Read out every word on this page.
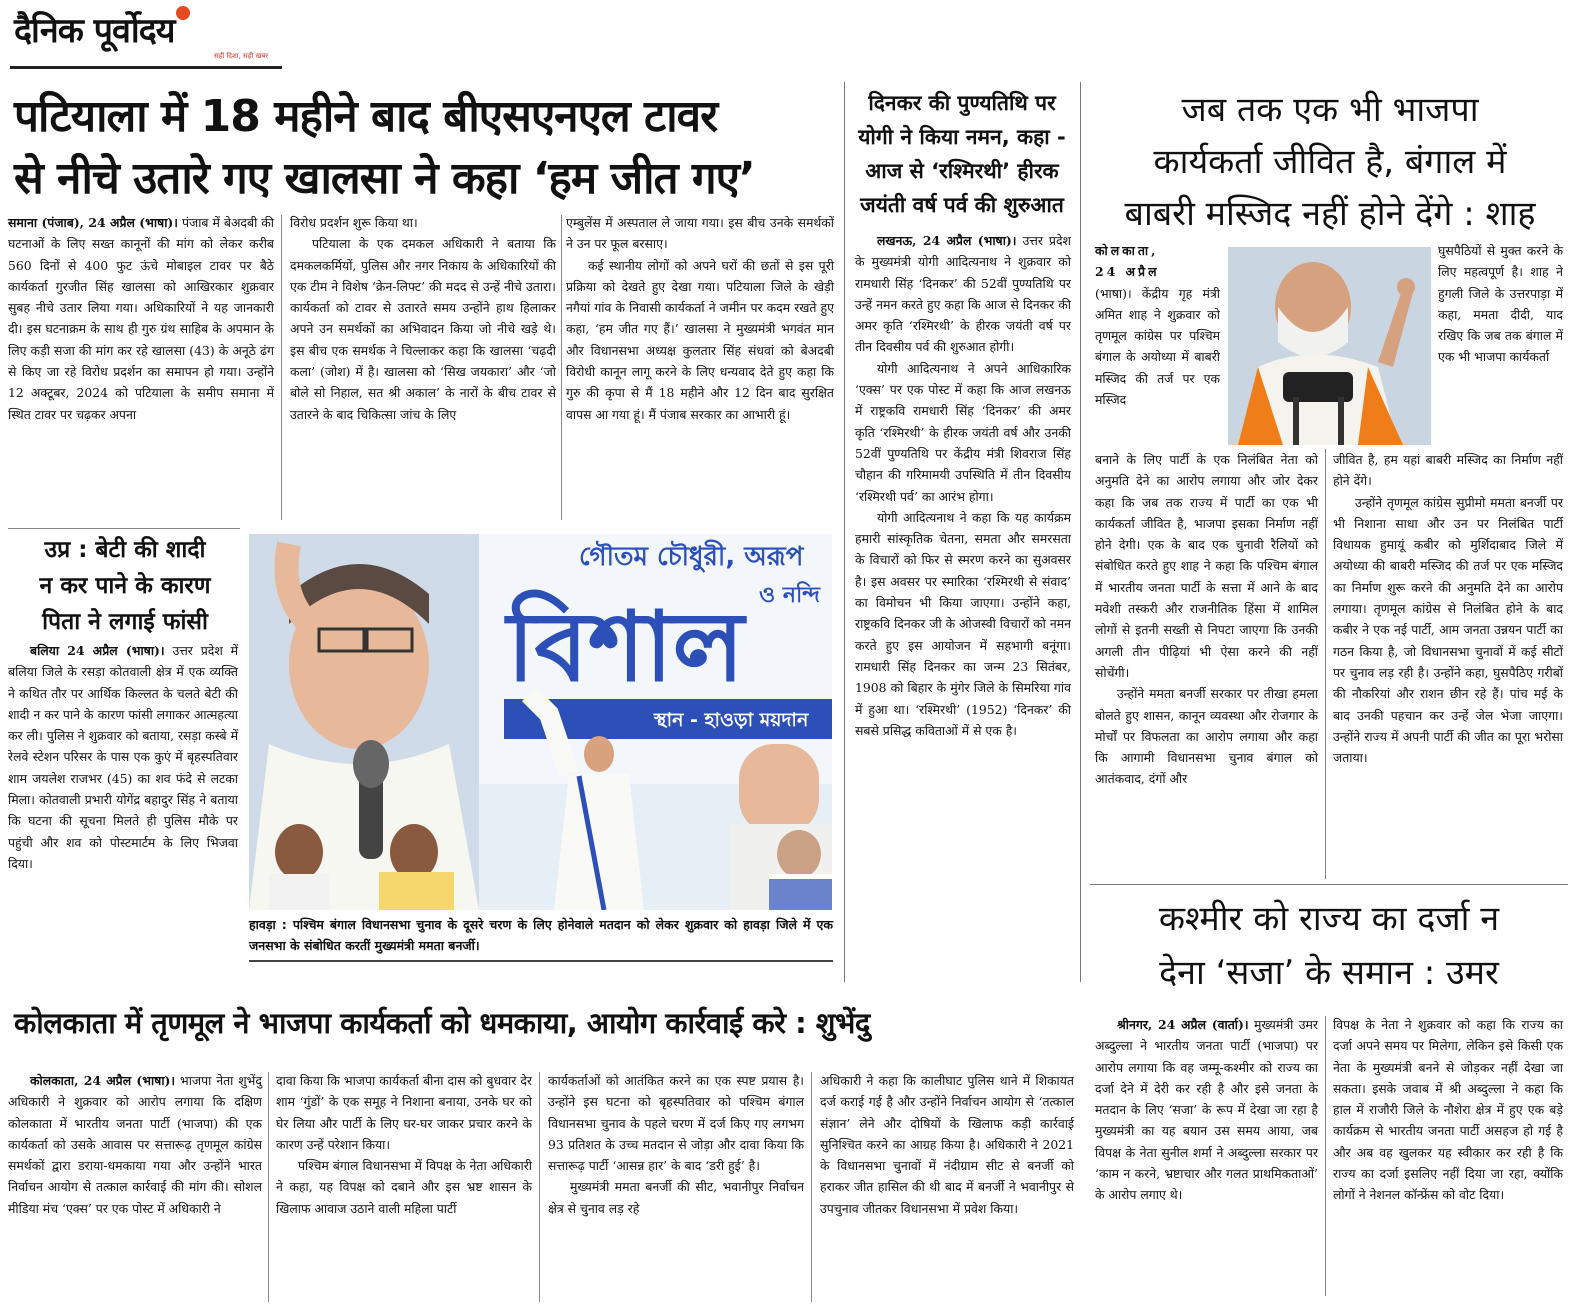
दैनिक पूर्वोदय
सही दिशा, सही खबर
पटियाला में 18 महीने बाद बीएसएनएल टावर
से नीचे उतारे गए खालसा ने कहा ‘हम जीत गए’

समाना (पंजाब), 24 अप्रैल (भाषा)। पंजाब में बेअदबी की घटनाओं के लिए सख्त कानूनों की मांग को लेकर करीब 560 दिनों से 400 फुट ऊंचे मोबाइल टावर पर बैठे कार्यकर्ता गुरजीत सिंह खालसा को आखिरकार शुक्रवार सुबह नीचे उतार लिया गया। अधिकारियों ने यह जानकारी दी। इस घटनाक्रम के साथ ही गुरु ग्रंथ साहिब के अपमान के लिए कड़ी सजा की मांग कर रहे खालसा (43) के अनूठे ढंग से किए जा रहे विरोध प्रदर्शन का समापन हो गया। उन्होंने 12 अक्टूबर, 2024 को पटियाला के समीप समाना में स्थित टावर पर चढ़कर अपना

विरोध प्रदर्शन शुरू किया था।

पटियाला के एक दमकल अधिकारी ने बताया कि दमकलकर्मियों, पुलिस और नगर निकाय के अधिकारियों की एक टीम ने विशेष ‘क्रेन-लिफ्ट’ की मदद से उन्हें नीचे उतारा। कार्यकर्ता को टावर से उतारते समय उन्होंने हाथ हिलाकर अपने उन समर्थकों का अभिवादन किया जो नीचे खड़े थे। इस बीच एक समर्थक ने चिल्लाकर कहा कि खालसा ‘चढ़दी कला’ (जोश) में है। खालसा को ‘सिख जयकारा’ और ‘जो बोले सो निहाल, सत श्री अकाल’ के नारों के बीच टावर से उतारने के बाद चिकित्सा जांच के लिए

एम्बुलेंस में अस्पताल ले जाया गया। इस बीच उनके समर्थकों ने उन पर फूल बरसाए।

कई स्थानीय लोगों को अपने घरों की छतों से इस पूरी प्रक्रिया को देखते हुए देखा गया। पटियाला जिले के खेड़ी नगैयां गांव के निवासी कार्यकर्ता ने जमीन पर कदम रखते हुए कहा, ‘हम जीत गए हैं।’ खालसा ने मुख्यमंत्री भगवंत मान और विधानसभा अध्यक्ष कुलतार सिंह संधवां को बेअदबी विरोधी कानून लागू करने के लिए धन्यवाद देते हुए कहा कि गुरु की कृपा से मैं 18 महीने और 12 दिन बाद सुरक्षित वापस आ गया हूं। मैं पंजाब सरकार का आभारी हूं।

उप्र : बेटी की शादी
न कर पाने के कारण
पिता ने लगाई फांसी

बलिया 24 अप्रैल (भाषा)। उत्तर प्रदेश में बलिया जिले के रसड़ा कोतवाली क्षेत्र में एक व्यक्ति ने कथित तौर पर आर्थिक किल्लत के चलते बेटी की शादी न कर पाने के कारण फांसी लगाकर आत्महत्या कर ली। पुलिस ने शुक्रवार को बताया, रसड़ा कस्बे में रेलवे स्टेशन परिसर के पास एक कुएं में बृहस्पतिवार शाम जयलेश राजभर (45) का शव फंदे से लटका मिला। कोतवाली प्रभारी योगेंद्र बहादुर सिंह ने बताया कि घटना की सूचना मिलते ही पुलिस मौके पर पहुंची और शव को पोस्टमार्टम के लिए भिजवा दिया।

গৌতম চৌধুরী, অরূপ
ও নন্দি
বিশাল
স্থান - হাওড়া ময়দান
हावड़ा : पश्चिम बंगाल विधानसभा चुनाव के दूसरे चरण के लिए होनेवाले मतदान को लेकर शुक्रवार को हावड़ा जिले में एक जनसभा के संबोधित करतीं मुख्यमंत्री ममता बनर्जी।
दिनकर की पुण्यतिथि पर
योगी ने किया नमन, कहा -
आज से ‘रश्मिरथी’ हीरक
जयंती वर्ष पर्व की शुरुआत

लखनऊ, 24 अप्रैल (भाषा)। उत्तर प्रदेश के मुख्यमंत्री योगी आदित्यनाथ ने शुक्रवार को रामधारी सिंह ‘दिनकर’ की 52वीं पुण्यतिथि पर उन्हें नमन करते हुए कहा कि आज से दिनकर की अमर कृति ‘रश्मिरथी’ के हीरक जयंती वर्ष पर तीन दिवसीय पर्व की शुरुआत होगी।

योगी आदित्यनाथ ने अपने आधिकारिक ‘एक्स’ पर एक पोस्ट में कहा कि आज लखनऊ में राष्ट्रकवि रामधारी सिंह ‘दिनकर’ की अमर कृति ‘रश्मिरथी’ के हीरक जयंती वर्ष और उनकी 52वीं पुण्यतिथि पर केंद्रीय मंत्री शिवराज सिंह चौहान की गरिमामयी उपस्थिति में तीन दिवसीय ‘रश्मिरथी पर्व’ का आरंभ होगा।

योगी आदित्यनाथ ने कहा कि यह कार्यक्रम हमारी सांस्कृतिक चेतना, समता और समरसता के विचारों को फिर से स्मरण करने का सुअवसर है। इस अवसर पर स्मारिका ‘रश्मिरथी से संवाद’ का विमोचन भी किया जाएगा। उन्होंने कहा, राष्ट्रकवि दिनकर जी के ओजस्वी विचारों को नमन करते हुए इस आयोजन में सहभागी बनूंगा। रामधारी सिंह दिनकर का जन्म 23 सितंबर, 1908 को बिहार के मुंगेर जिले के सिमरिया गांव में हुआ था। ‘रश्मिरथी’ (1952) ‘दिनकर’ की सबसे प्रसिद्ध कविताओं में से एक है।

जब तक एक भी भाजपा
कार्यकर्ता जीवित है, बंगाल में
बाबरी मस्जिद नहीं होने देंगे : शाह
कोलकाता,
24 अप्रैल

(भाषा)। केंद्रीय गृह मंत्री अमित शाह ने शुक्रवार को तृणमूल कांग्रेस पर पश्चिम बंगाल के अयोध्या में बाबरी मस्जिद की तर्ज पर एक मस्जिद

बनाने के लिए पार्टी के एक निलंबित नेता को अनुमति देने का आरोप लगाया और जोर देकर कहा कि जब तक राज्य में पार्टी का एक भी कार्यकर्ता जीवित है, भाजपा इसका निर्माण नहीं होने देगी। एक के बाद एक चुनावी रैलियों को संबोधित करते हुए शाह ने कहा कि पश्चिम बंगाल में भारतीय जनता पार्टी के सत्ता में आने के बाद मवेशी तस्करी और राजनीतिक हिंसा में शामिल लोगों से इतनी सख्ती से निपटा जाएगा कि उनकी अगली तीन पीढ़ियां भी ऐसा करने की नहीं सोचेंगी।

उन्होंने ममता बनर्जी सरकार पर तीखा हमला बोलते हुए शासन, कानून व्यवस्था और रोजगार के मोर्चों पर विफलता का आरोप लगाया और कहा कि आगामी विधानसभा चुनाव बंगाल को आतंकवाद, दंगों और

घुसपैठियों से मुक्त करने के लिए महत्वपूर्ण है। शाह ने हुगली जिले के उत्तरपाड़ा में कहा, ममता दीदी, याद रखिए कि जब तक बंगाल में एक भी भाजपा कार्यकर्ता

जीवित है, हम यहां बाबरी मस्जिद का निर्माण नहीं होने देंगे।

उन्होंने तृणमूल कांग्रेस सुप्रीमो ममता बनर्जी पर भी निशाना साधा और उन पर निलंबित पार्टी विधायक हुमायूं कबीर को मुर्शिदाबाद जिले में अयोध्या की बाबरी मस्जिद की तर्ज पर एक मस्जिद का निर्माण शुरू करने की अनुमति देने का आरोप लगाया। तृणमूल कांग्रेस से निलंबित होने के बाद कबीर ने एक नई पार्टी, आम जनता उन्नयन पार्टी का गठन किया है, जो विधानसभा चुनावों में कई सीटों पर चुनाव लड़ रही है। उन्होंने कहा, घुसपैठिए गरीबों की नौकरियां और राशन छीन रहे हैं। पांच मई के बाद उनकी पहचान कर उन्हें जेल भेजा जाएगा। उन्होंने राज्य में अपनी पार्टी की जीत का पूरा भरोसा जताया।

कश्मीर को राज्य का दर्जा न
देना ‘सजा’ के समान : उमर

श्रीनगर, 24 अप्रैल (वार्ता)। मुख्यमंत्री उमर अब्दुल्ला ने भारतीय जनता पार्टी (भाजपा) पर आरोप लगाया कि वह जम्मू-कश्मीर को राज्य का दर्जा देने में देरी कर रही है और इसे जनता के मतदान के लिए ‘सजा’ के रूप में देखा जा रहा है मुख्यमंत्री का यह बयान उस समय आया, जब विपक्ष के नेता सुनील शर्मा ने अब्दुल्ला सरकार पर ‘काम न करने, भ्रष्टाचार और गलत प्राथमिकताओं’ के आरोप लगाए थे।

विपक्ष के नेता ने शुक्रवार को कहा कि राज्य का दर्जा अपने समय पर मिलेगा, लेकिन इसे किसी एक नेता के मुख्यमंत्री बनने से जोड़कर नहीं देखा जा सकता। इसके जवाब में श्री अब्दुल्ला ने कहा कि हाल में राजौरी जिले के नौशेरा क्षेत्र में हुए एक बड़े कार्यक्रम से भारतीय जनता पार्टी असहज हो गई है और अब वह खुलकर यह स्वीकार कर रही है कि राज्य का दर्जा इसलिए नहीं दिया जा रहा, क्योंकि लोगों ने नेशनल कॉन्फ्रेंस को वोट दिया।

कोलकाता में तृणमूल ने भाजपा कार्यकर्ता को धमकाया, आयोग कार्रवाई करे : शुभेंदु

कोलकाता, 24 अप्रैल (भाषा)। भाजपा नेता शुभेंदु अधिकारी ने शुक्रवार को आरोप लगाया कि दक्षिण कोलकाता में भारतीय जनता पार्टी (भाजपा) की एक कार्यकर्ता को उसके आवास पर सत्तारूढ़ तृणमूल कांग्रेस समर्थकों द्वारा डराया-धमकाया गया और उन्होंने भारत निर्वाचन आयोग से तत्काल कार्रवाई की मांग की। सोशल मीडिया मंच ‘एक्स’ पर एक पोस्ट में अधिकारी ने

दावा किया कि भाजपा कार्यकर्ता बीना दास को बुधवार देर शाम ‘गुंडों’ के एक समूह ने निशाना बनाया, उनके घर को घेर लिया और पार्टी के लिए घर-घर जाकर प्रचार करने के कारण उन्हें परेशान किया।

पश्चिम बंगाल विधानसभा में विपक्ष के नेता अधिकारी ने कहा, यह विपक्ष को दबाने और इस भ्रष्ट शासन के खिलाफ आवाज उठाने वाली महिला पार्टी

कार्यकर्ताओं को आतंकित करने का एक स्पष्ट प्रयास है। उन्होंने इस घटना को बृहस्पतिवार को पश्चिम बंगाल विधानसभा चुनाव के पहले चरण में दर्ज किए गए लगभग 93 प्रतिशत के उच्च मतदान से जोड़ा और दावा किया कि सत्तारूढ़ पार्टी ‘आसन्न हार’ के बाद ‘डरी हुई’ है।

मुख्यमंत्री ममता बनर्जी की सीट, भवानीपुर निर्वाचन क्षेत्र से चुनाव लड़ रहे

अधिकारी ने कहा कि कालीघाट पुलिस थाने में शिकायत दर्ज कराई गई है और उन्होंने निर्वाचन आयोग से ‘तत्काल संज्ञान’ लेने और दोषियों के खिलाफ कड़ी कार्रवाई सुनिश्चित करने का आग्रह किया है। अधिकारी ने 2021 के विधानसभा चुनावों में नंदीग्राम सीट से बनर्जी को हराकर जीत हासिल की थी बाद में बनर्जी ने भवानीपुर से उपचुनाव जीतकर विधानसभा में प्रवेश किया।
